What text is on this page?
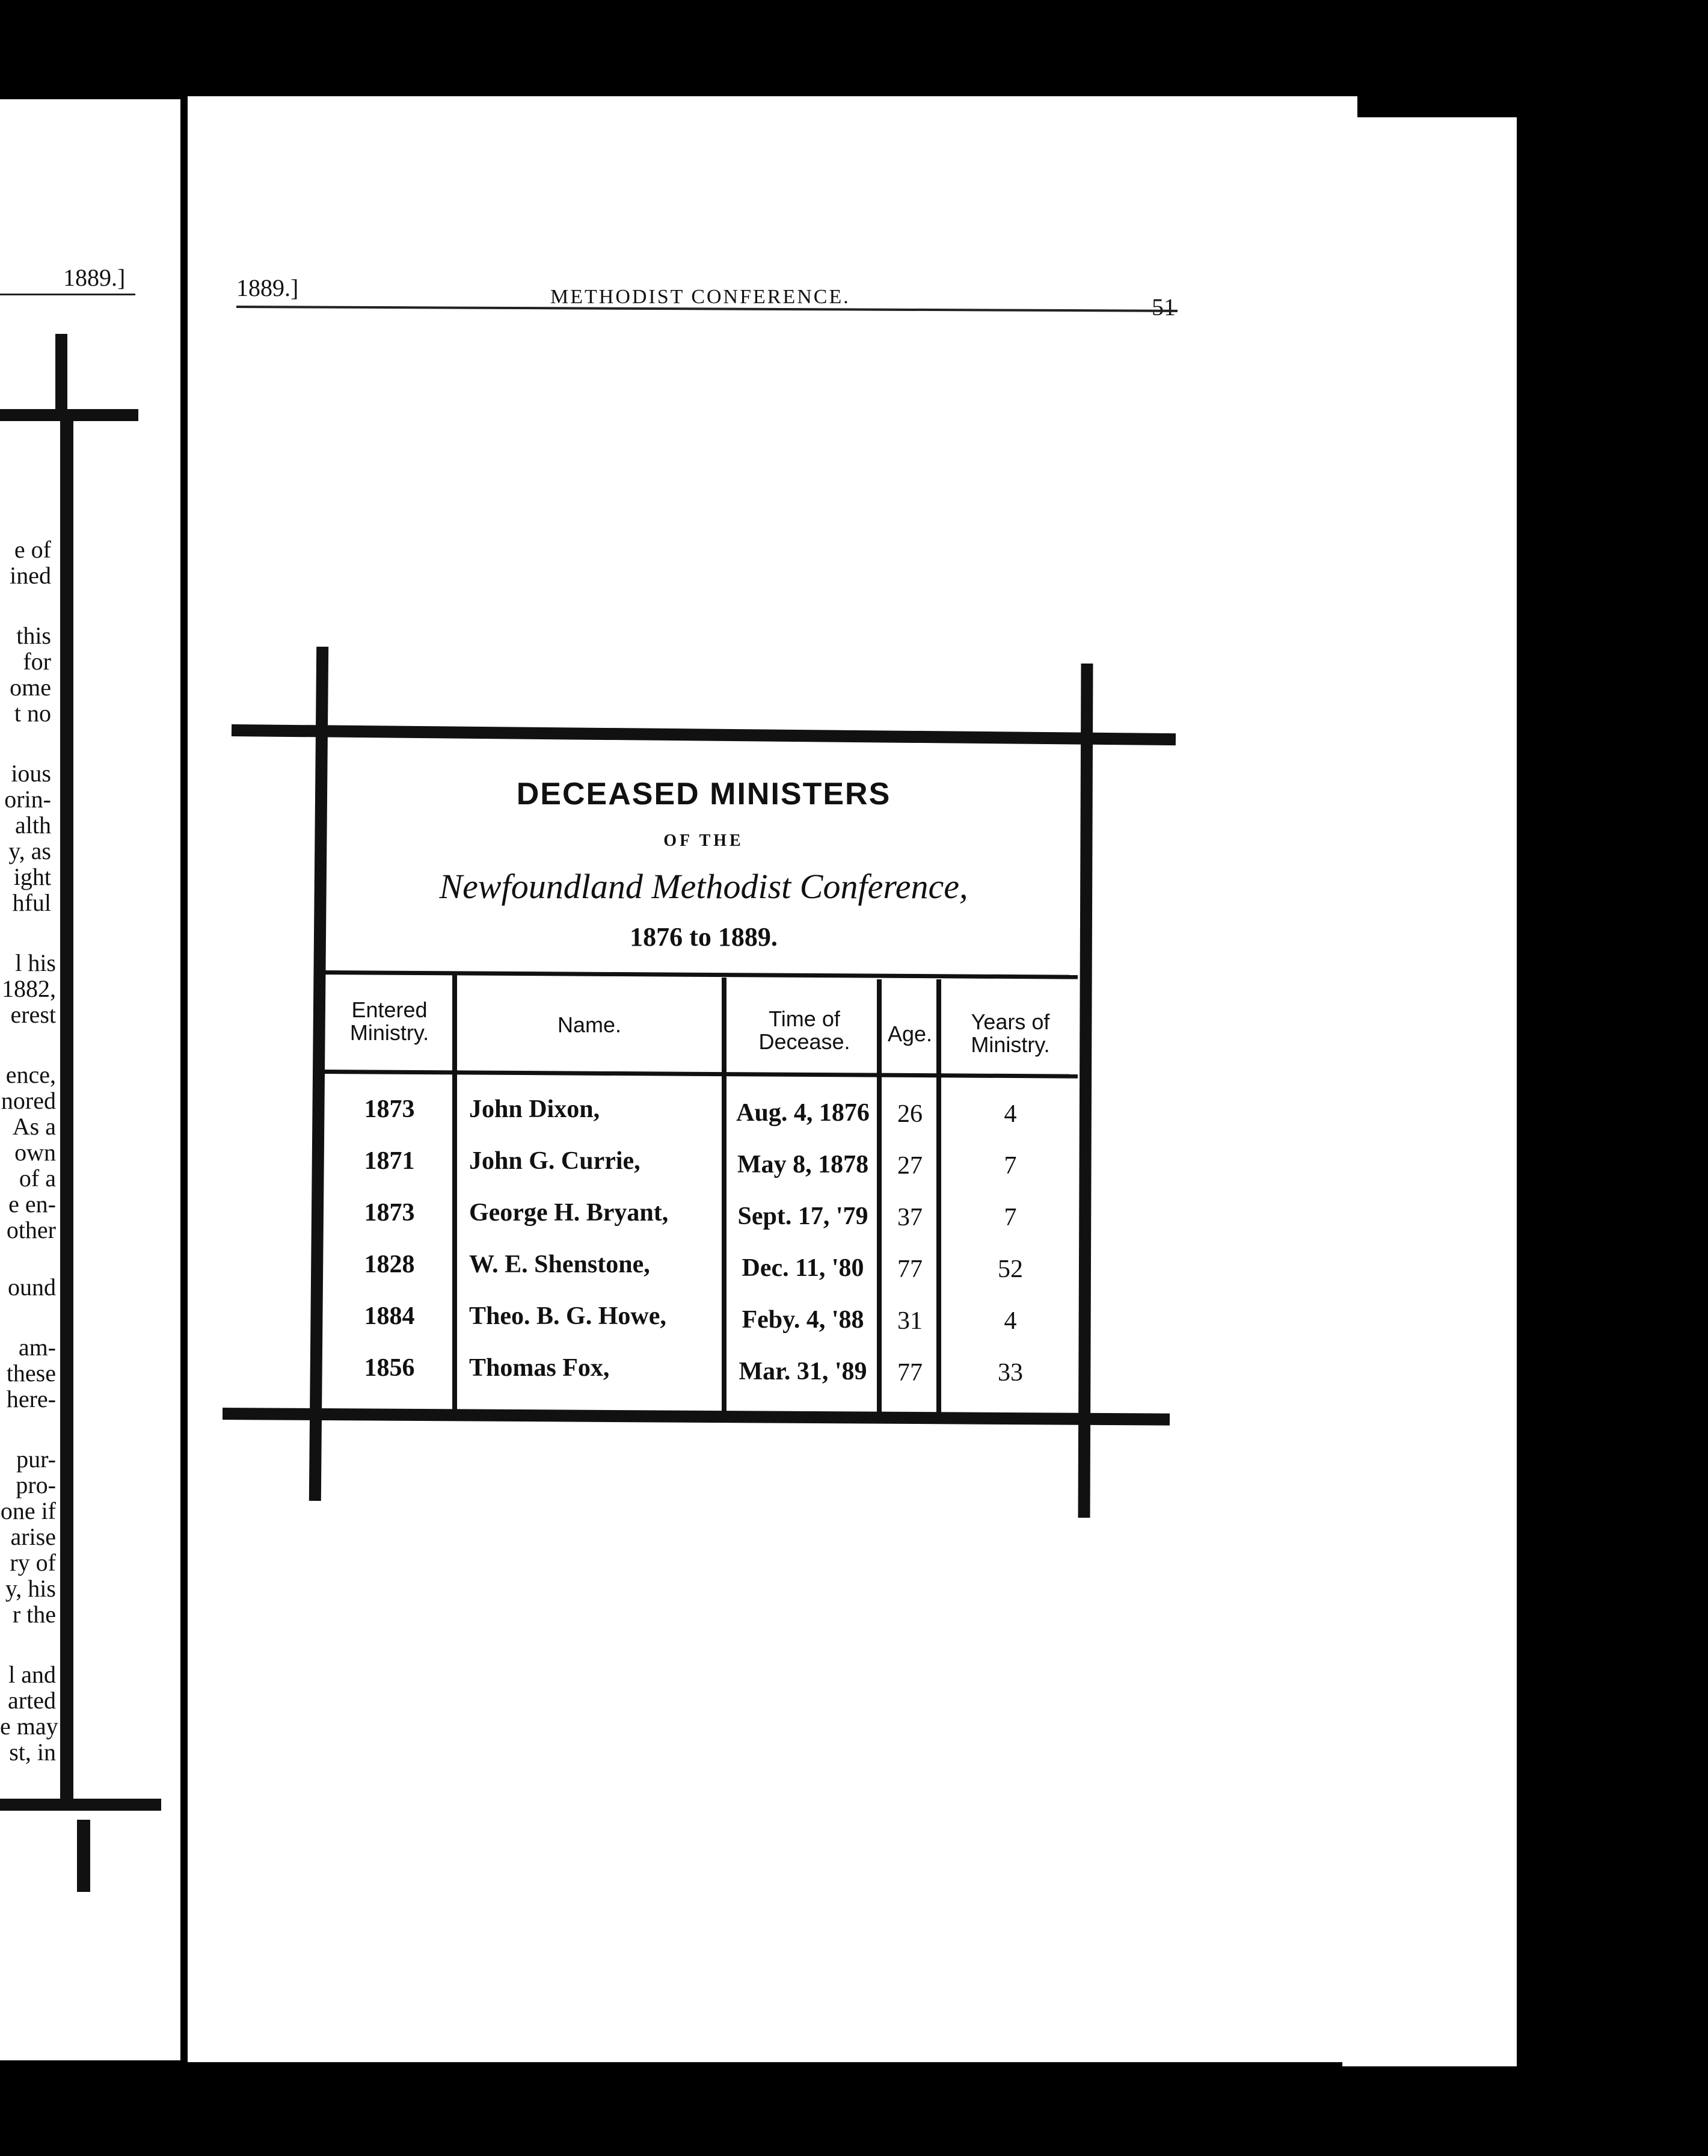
1889.]
e of
ined
this
for
ome
t no
ious
orin-
alth
y, as
ight
hful
l his
1882,
erest
ence,
nored
As a
own
of a
e en-
other
ound
am-
these
here-
pur-
pro-
one if
arise
ry of
y, his
r the
l and
arted
e may
st, in
1889.]	METHODIST CONFERENCE.	51
DECEASED MINISTERS
OF THE
Newfoundland Methodist Conference,
1876 to 1889.
Entered Ministry.	Name.	Time of Decease.	Age.	Years of Ministry.
1873	John Dixon,	Aug. 4, 1876	26	4
1871	John G. Currie,	May 8, 1878	27	7
1873	George H. Bryant,	Sept. 17, '79	37	7
1828	W. E. Shenstone,	Dec. 11, '80	77	52
1884	Theo. B. G. Howe,	Feby. 4, '88	31	4
1856	Thomas Fox,	Mar. 31, '89	77	33
